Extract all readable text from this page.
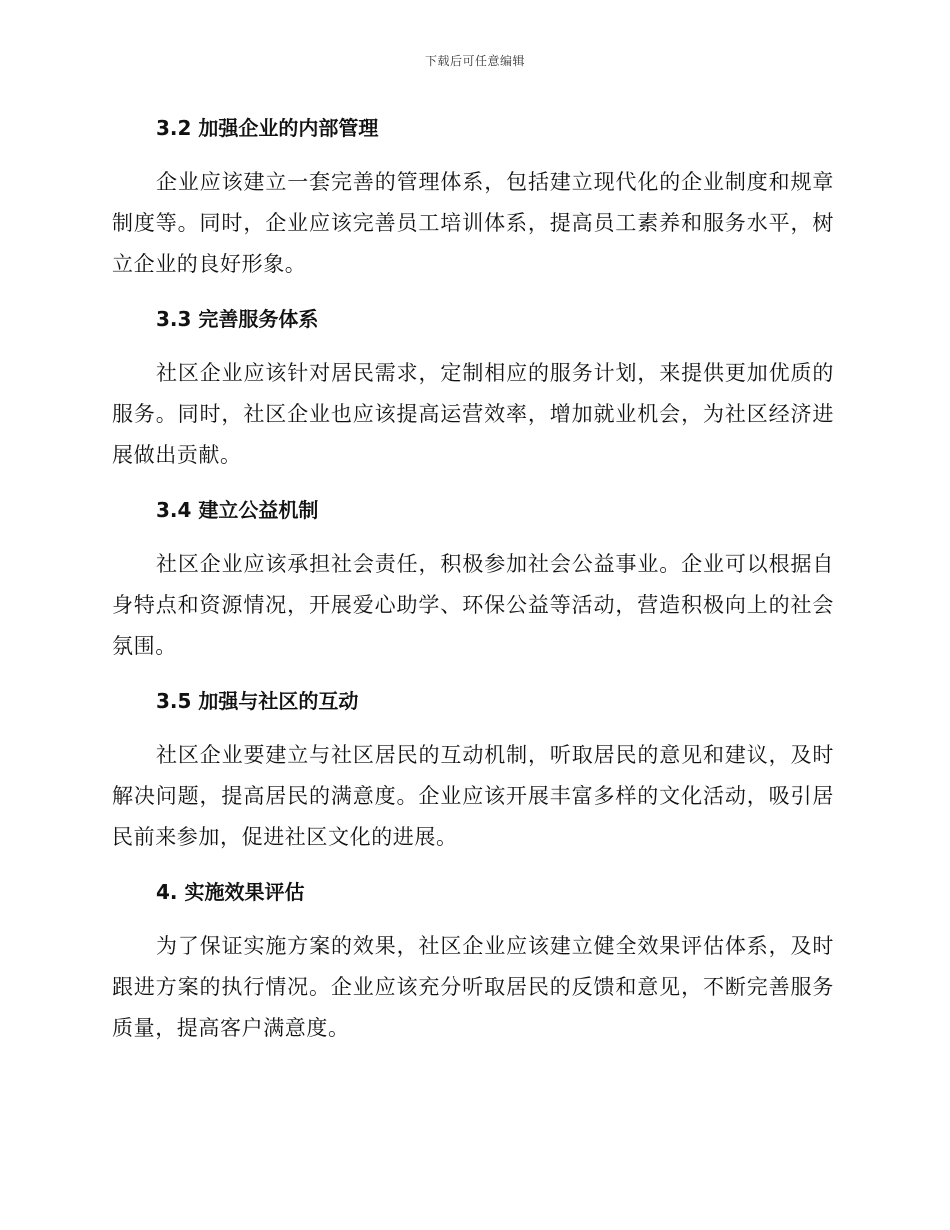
下载后可任意编辑
3.2 加强企业的内部管理

企业应该建立一套完善的管理体系，包括建立现代化的企业制度和规章制度等。同时，企业应该完善员工培训体系，提高员工素养和服务水平，树立企业的良好形象。

3.3 完善服务体系

社区企业应该针对居民需求，定制相应的服务计划，来提供更加优质的服务。同时，社区企业也应该提高运营效率，增加就业机会，为社区经济进展做出贡献。

3.4 建立公益机制

社区企业应该承担社会责任，积极参加社会公益事业。企业可以根据自身特点和资源情况，开展爱心助学、环保公益等活动，营造积极向上的社会氛围。

3.5 加强与社区的互动

社区企业要建立与社区居民的互动机制，听取居民的意见和建议，及时解决问题，提高居民的满意度。企业应该开展丰富多样的文化活动，吸引居民前来参加，促进社区文化的进展。

4. 实施效果评估

为了保证实施方案的效果，社区企业应该建立健全效果评估体系，及时跟进方案的执行情况。企业应该充分听取居民的反馈和意见，不断完善服务质量，提高客户满意度。
